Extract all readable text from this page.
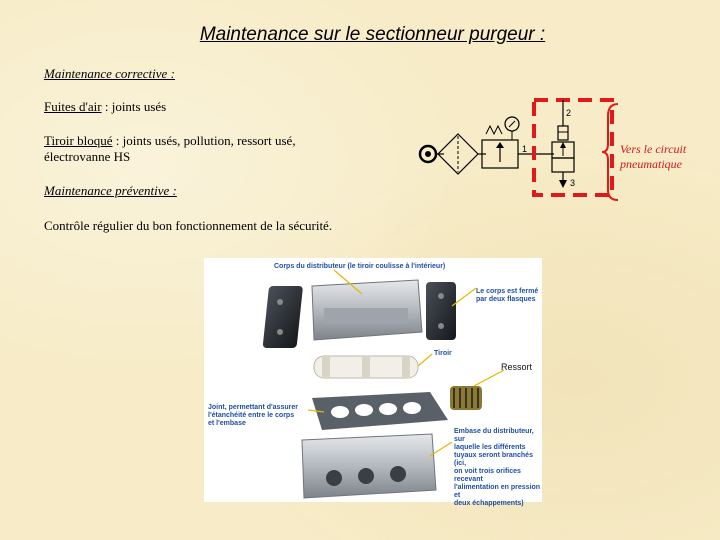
Maintenance sur le sectionneur purgeur :
Maintenance corrective :
Fuites d'air : joints usés
Tiroir bloqué : joints usés, pollution, ressort usé,
électrovanne HS
Maintenance préventive :
Contrôle régulier du bon fonctionnement de la sécurité.
1
2
3
Vers le circuit
pneumatique
Corps du distributeur (le tiroir coulisse à l'intérieur)
Le corps est fermé
par deux flasques
Tiroir
Ressort
Joint, permettant d'assurer
l'étanchéité entre le corps
et l'embase
Embase du distributeur, sur
laquelle les différents
tuyaux seront branchés (ici,
on voit trois orifices recevant
l'alimentation en pression et
deux échappements)
